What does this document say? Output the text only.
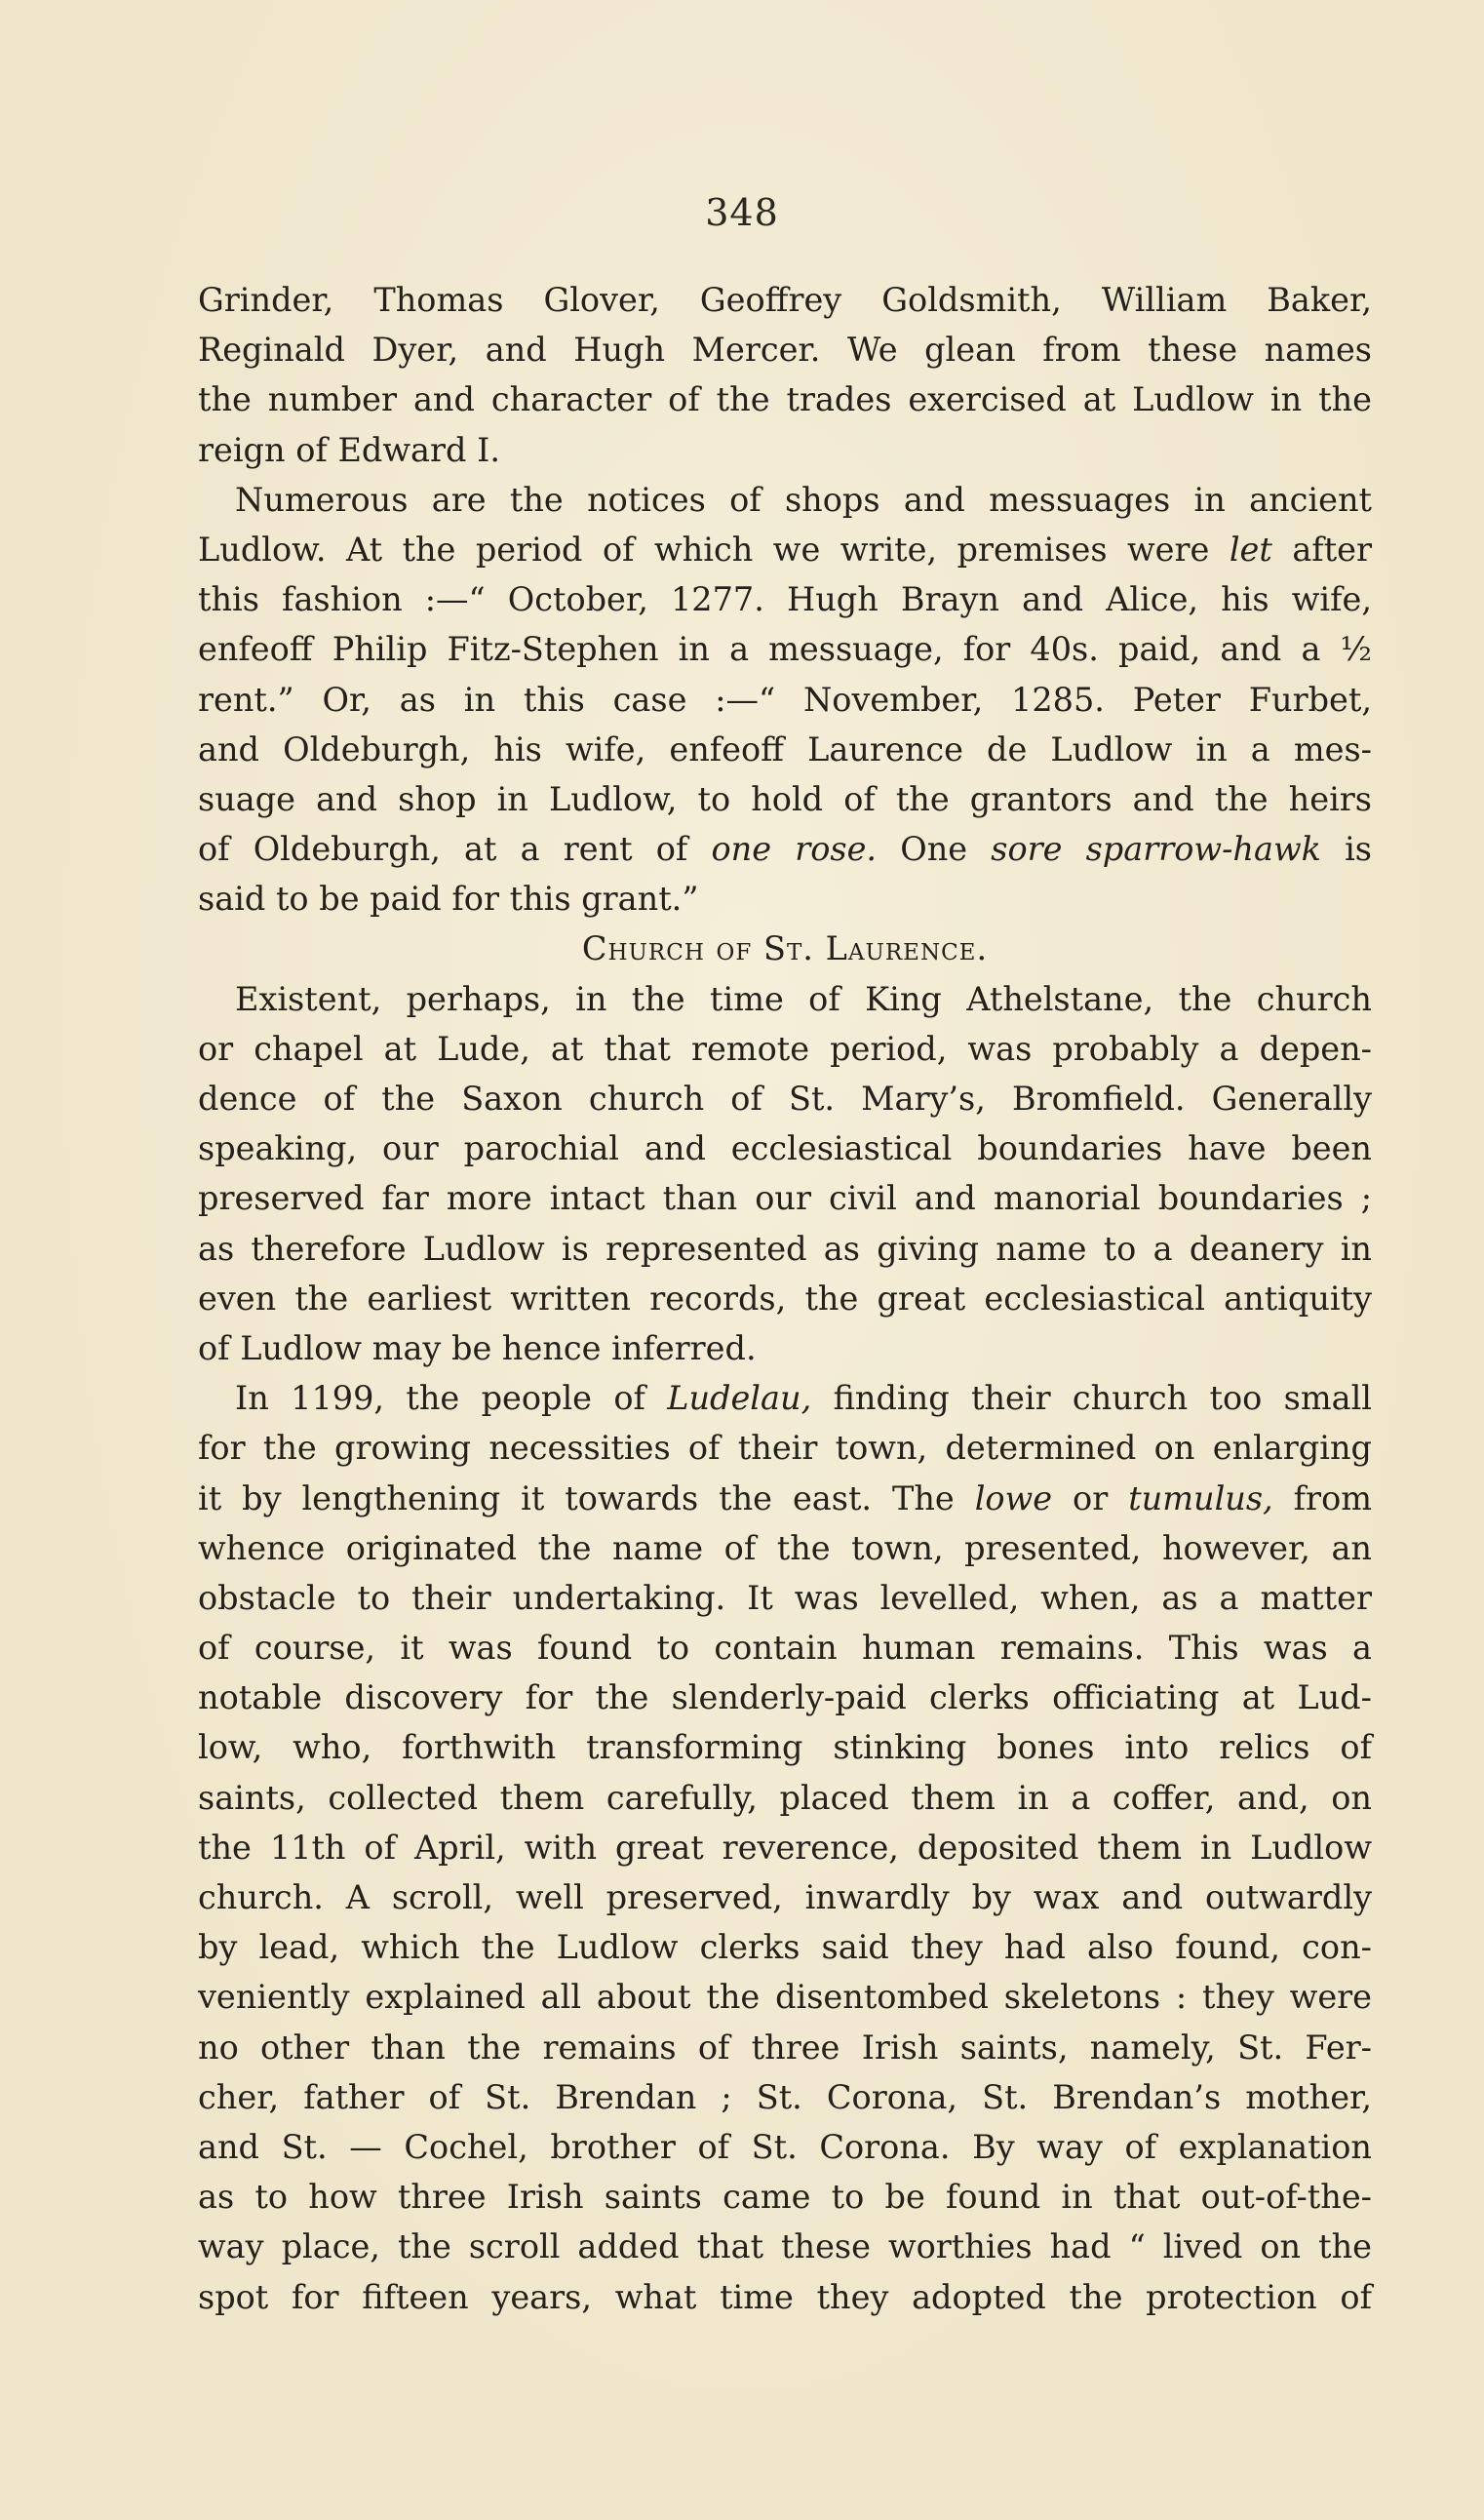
348
Grinder, Thomas Glover, Geoffrey Goldsmith, William Baker,
Reginald Dyer, and Hugh Mercer. We glean from these names
the number and character of the trades exercised at Ludlow in the
reign of Edward I.
Numerous are the notices of shops and messuages in ancient
Ludlow. At the period of which we write, premises were let after
this fashion :—“ October, 1277. Hugh Brayn and Alice, his wife,
enfeoff Philip Fitz-Stephen in a messuage, for 40s. paid, and a ½
rent.” Or, as in this case :—“ November, 1285. Peter Furbet,
and Oldeburgh, his wife, enfeoff Laurence de Ludlow in a mes-
suage and shop in Ludlow, to hold of the grantors and the heirs
of Oldeburgh, at a rent of one rose. One sore sparrow-hawk is
said to be paid for this grant.”
Church of St. Laurence.
Existent, perhaps, in the time of King Athelstane, the church
or chapel at Lude, at that remote period, was probably a depen-
dence of the Saxon church of St. Mary’s, Bromfield. Generally
speaking, our parochial and ecclesiastical boundaries have been
preserved far more intact than our civil and manorial boundaries ;
as therefore Ludlow is represented as giving name to a deanery in
even the earliest written records, the great ecclesiastical antiquity
of Ludlow may be hence inferred.
In 1199, the people of Ludelau, finding their church too small
for the growing necessities of their town, determined on enlarging
it by lengthening it towards the east. The lowe or tumulus, from
whence originated the name of the town, presented, however, an
obstacle to their undertaking. It was levelled, when, as a matter
of course, it was found to contain human remains. This was a
notable discovery for the slenderly-paid clerks officiating at Lud-
low, who, forthwith transforming stinking bones into relics of
saints, collected them carefully, placed them in a coffer, and, on
the 11th of April, with great reverence, deposited them in Ludlow
church. A scroll, well preserved, inwardly by wax and outwardly
by lead, which the Ludlow clerks said they had also found, con-
veniently explained all about the disentombed skeletons : they were
no other than the remains of three Irish saints, namely, St. Fer-
cher, father of St. Brendan ; St. Corona, St. Brendan’s mother,
and St. — Cochel, brother of St. Corona. By way of explanation
as to how three Irish saints came to be found in that out-of-the-
way place, the scroll added that these worthies had “ lived on the
spot for fifteen years, what time they adopted the protection of
